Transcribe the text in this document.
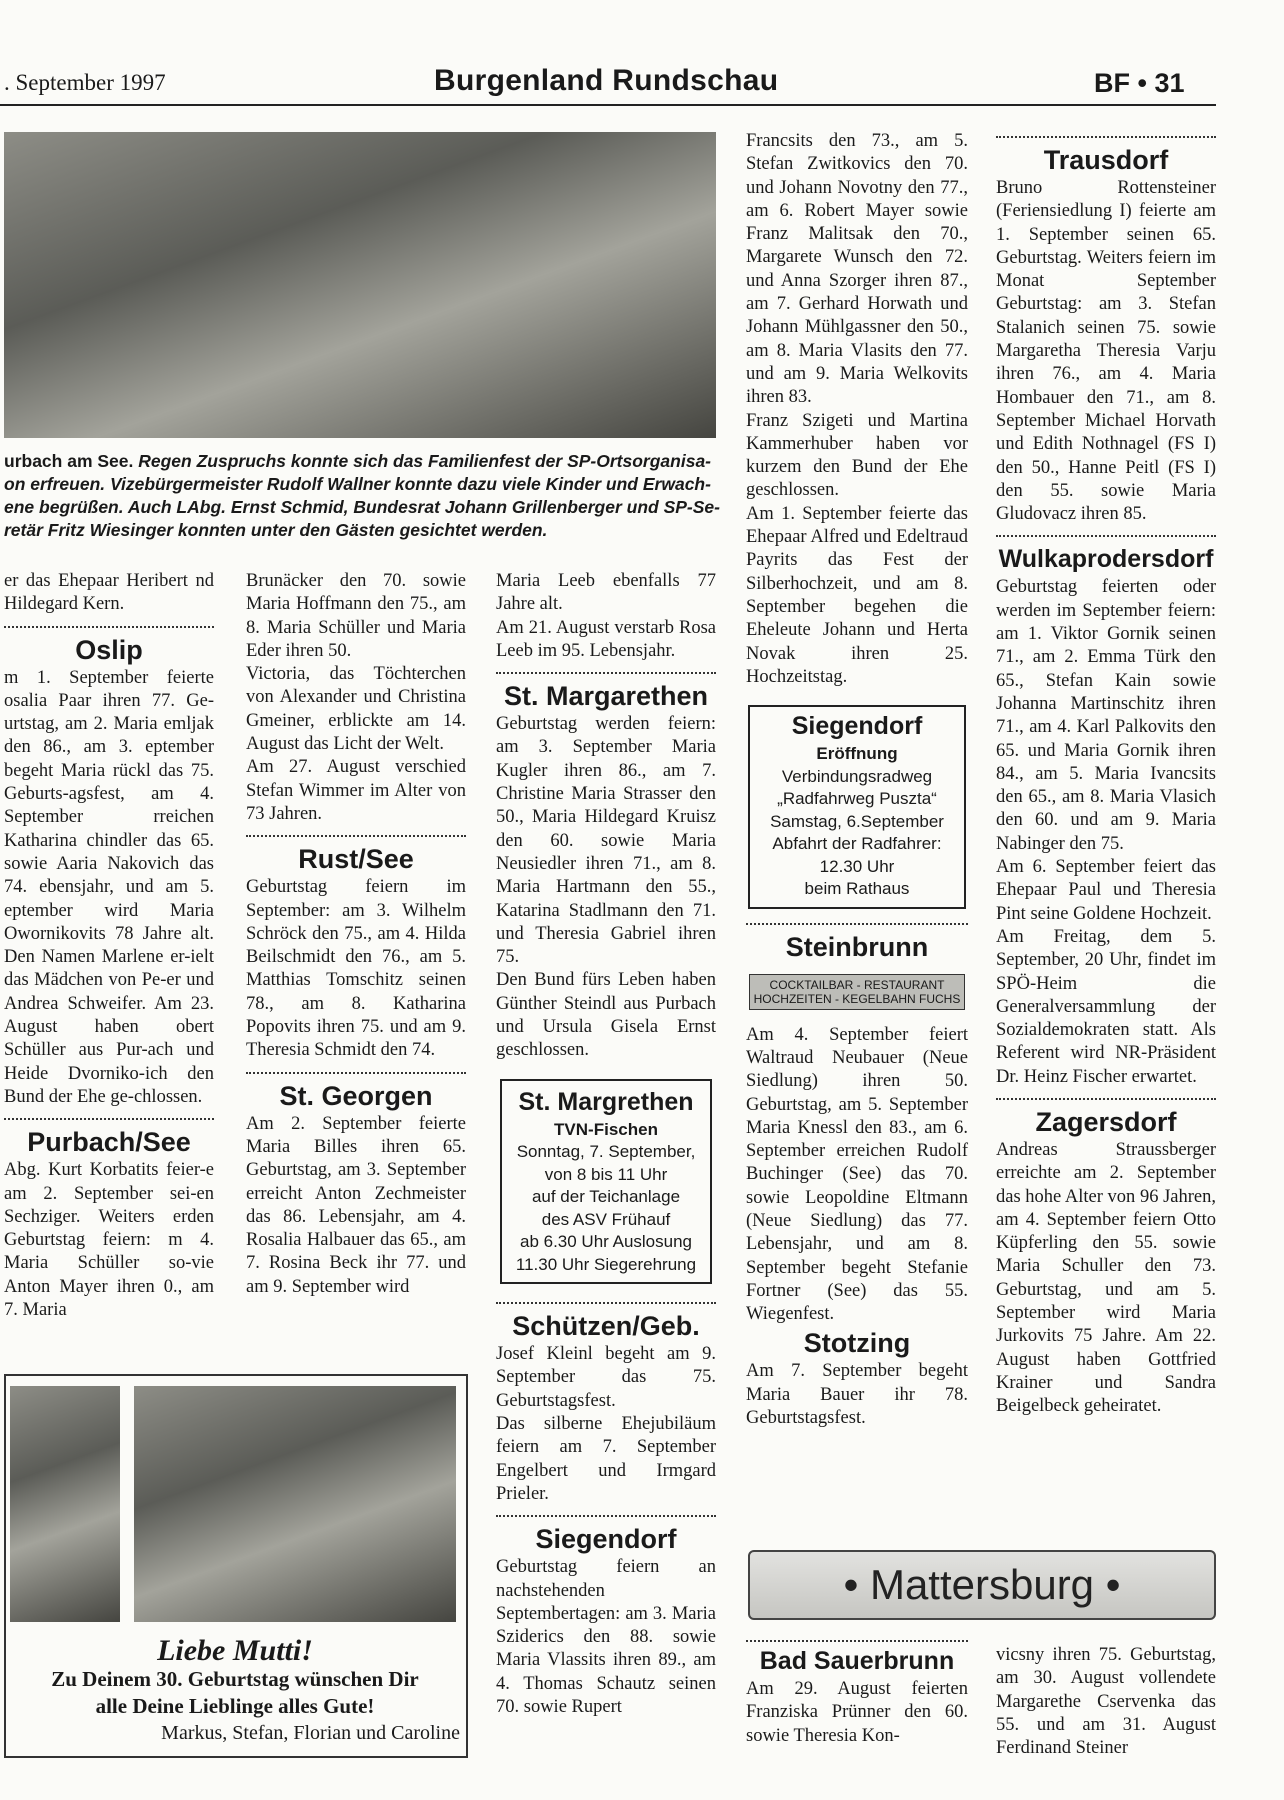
. September 1997	Burgenland Rundschau	BF • 31
urbach am See. Regen Zuspruchs konnte sich das Familienfest der SP-Ortsorganisa-on erfreuen. Vizebürgermeister Rudolf Wallner konnte dazu viele Kinder und Erwach-ene begrüßen. Auch LAbg. Ernst Schmid, Bundesrat Johann Grillenberger und SP-Se-retär Fritz Wiesinger konnten unter den Gästen gesichtet werden.

er das Ehepaar Heribert nd Hildegard Kern.

Oslip

m 1. September feierte osalia Paar ihren 77. Ge-urtstag, am 2. Maria emljak den 86., am 3. eptember begeht Maria rückl das 75. Geburts-agsfest, am 4. September rreichen Katharina chindler das 65. sowie Aaria Nakovich das 74. ebensjahr, und am 5. eptember wird Maria Owornikovits 78 Jahre alt. Den Namen Marlene er-ielt das Mädchen von Pe-er und Andrea Schweifer. Am 23. August haben obert Schüller aus Pur-ach und Heide Dvorniko-ich den Bund der Ehe ge-chlossen.

Purbach/See

Abg. Kurt Korbatits feier-e am 2. September sei-en Sechziger. Weiters erden Geburtstag feiern: m 4. Maria Schüller so-vie Anton Mayer ihren 0., am 7. Maria

Brunäcker den 70. sowie Maria Hoffmann den 75., am 8. Maria Schüller und Maria Eder ihren 50.

Victoria, das Töchterchen von Alexander und Christina Gmeiner, erblickte am 14. August das Licht der Welt.

Am 27. August verschied Stefan Wimmer im Alter von 73 Jahren.

Rust/See

Geburtstag feiern im September: am 3. Wilhelm Schröck den 75., am 4. Hilda Beilschmidt den 76., am 5. Matthias Tomschitz seinen 78., am 8. Katharina Popovits ihren 75. und am 9. Theresia Schmidt den 74.

St. Georgen

Am 2. September feierte Maria Billes ihren 65. Geburtstag, am 3. September erreicht Anton Zechmeister das 86. Lebensjahr, am 4. Rosalia Halbauer das 65., am 7. Rosina Beck ihr 77. und am 9. September wird

Maria Leeb ebenfalls 77 Jahre alt.

Am 21. August verstarb Rosa Leeb im 95. Lebensjahr.

St. Margarethen

Geburtstag werden feiern: am 3. September Maria Kugler ihren 86., am 7. Christine Maria Strasser den 50., Maria Hildegard Kruisz den 60. sowie Maria Neusiedler ihren 71., am 8. Maria Hartmann den 55., Katarina Stadlmann den 71. und Theresia Gabriel ihren 75.

Den Bund fürs Leben haben Günther Steindl aus Purbach und Ursula Gisela Ernst geschlossen.

St. Margrethen
TVN-Fischen
Sonntag, 7. September,
von 8 bis 11 Uhr
auf der Teichanlage
des ASV Frühauf
ab 6.30 Uhr Auslosung
11.30 Uhr Siegerehrung
Schützen/Geb.

Josef Kleinl begeht am 9. September das 75. Geburtstagsfest.

Das silberne Ehejubiläum feiern am 7. September Engelbert und Irmgard Prieler.

Siegendorf

Geburtstag feiern an nachstehenden Septembertagen: am 3. Maria Sziderics den 88. sowie Maria Vlassits ihren 89., am 4. Thomas Schautz seinen 70. sowie Rupert

Francsits den 73., am 5. Stefan Zwitkovics den 70. und Johann Novotny den 77., am 6. Robert Mayer sowie Franz Malitsak den 70., Margarete Wunsch den 72. und Anna Szorger ihren 87., am 7. Gerhard Horwath und Johann Mühlgassner den 50., am 8. Maria Vlasits den 77. und am 9. Maria Welkovits ihren 83.

Franz Szigeti und Martina Kammerhuber haben vor kurzem den Bund der Ehe geschlossen.

Am 1. September feierte das Ehepaar Alfred und Edeltraud Payrits das Fest der Silberhochzeit, und am 8. September begehen die Eheleute Johann und Herta Novak ihren 25. Hochzeitstag.

Siegendorf
Eröffnung
Verbindungsradweg
„Radfahrweg Puszta“
Samstag, 6.September
Abfahrt der Radfahrer:
12.30 Uhr
beim Rathaus
Steinbrunn
COCKTAILBAR - RESTAURANT HOCHZEITEN - KEGELBAHN FUCHS

Am 4. September feiert Waltraud Neubauer (Neue Siedlung) ihren 50. Geburtstag, am 5. September Maria Knessl den 83., am 6. September erreichen Rudolf Buchinger (See) das 70. sowie Leopoldine Eltmann (Neue Siedlung) das 77. Lebensjahr, und am 8. September begeht Stefanie Fortner (See) das 55. Wiegenfest.

Stotzing

Am 7. September begeht Maria Bauer ihr 78. Geburtstagsfest.

Trausdorf

Bruno Rottensteiner (Feriensiedlung I) feierte am 1. September seinen 65. Geburtstag. Weiters feiern im Monat September Geburtstag: am 3. Stefan Stalanich seinen 75. sowie Margaretha Theresia Varju ihren 76., am 4. Maria Hombauer den 71., am 8. September Michael Horvath und Edith Nothnagel (FS I) den 50., Hanne Peitl (FS I) den 55. sowie Maria Gludovacz ihren 85.

Wulkaprodersdorf

Geburtstag feierten oder werden im September feiern: am 1. Viktor Gornik seinen 71., am 2. Emma Türk den 65., Stefan Kain sowie Johanna Martinschitz ihren 71., am 4. Karl Palkovits den 65. und Maria Gornik ihren 84., am 5. Maria Ivancsits den 65., am 8. Maria Vlasich den 60. und am 9. Maria Nabinger den 75.

Am 6. September feiert das Ehepaar Paul und Theresia Pint seine Goldene Hochzeit.

Am Freitag, dem 5. September, 20 Uhr, findet im SPÖ-Heim die Generalversammlung der Sozialdemokraten statt. Als Referent wird NR-Präsident Dr. Heinz Fischer erwartet.

Zagersdorf

Andreas Straussberger erreichte am 2. September das hohe Alter von 96 Jahren, am 4. September feiern Otto Küpferling den 55. sowie Maria Schuller den 73. Geburtstag, und am 5. September wird Maria Jurkovits 75 Jahre. Am 22. August haben Gottfried Krainer und Sandra Beigelbeck geheiratet.

• Mattersburg •
Bad Sauerbrunn

Am 29. August feierten Franziska Prünner den 60. sowie Theresia Kon-

vicsny ihren 75. Geburtstag, am 30. August vollendete Margarethe Cservenka das 55. und am 31. August Ferdinand Steiner

Liebe Mutti!
Zu Deinem 30. Geburtstag wünschen Dir
alle Deine Lieblinge alles Gute!
Markus, Stefan, Florian und Caroline
